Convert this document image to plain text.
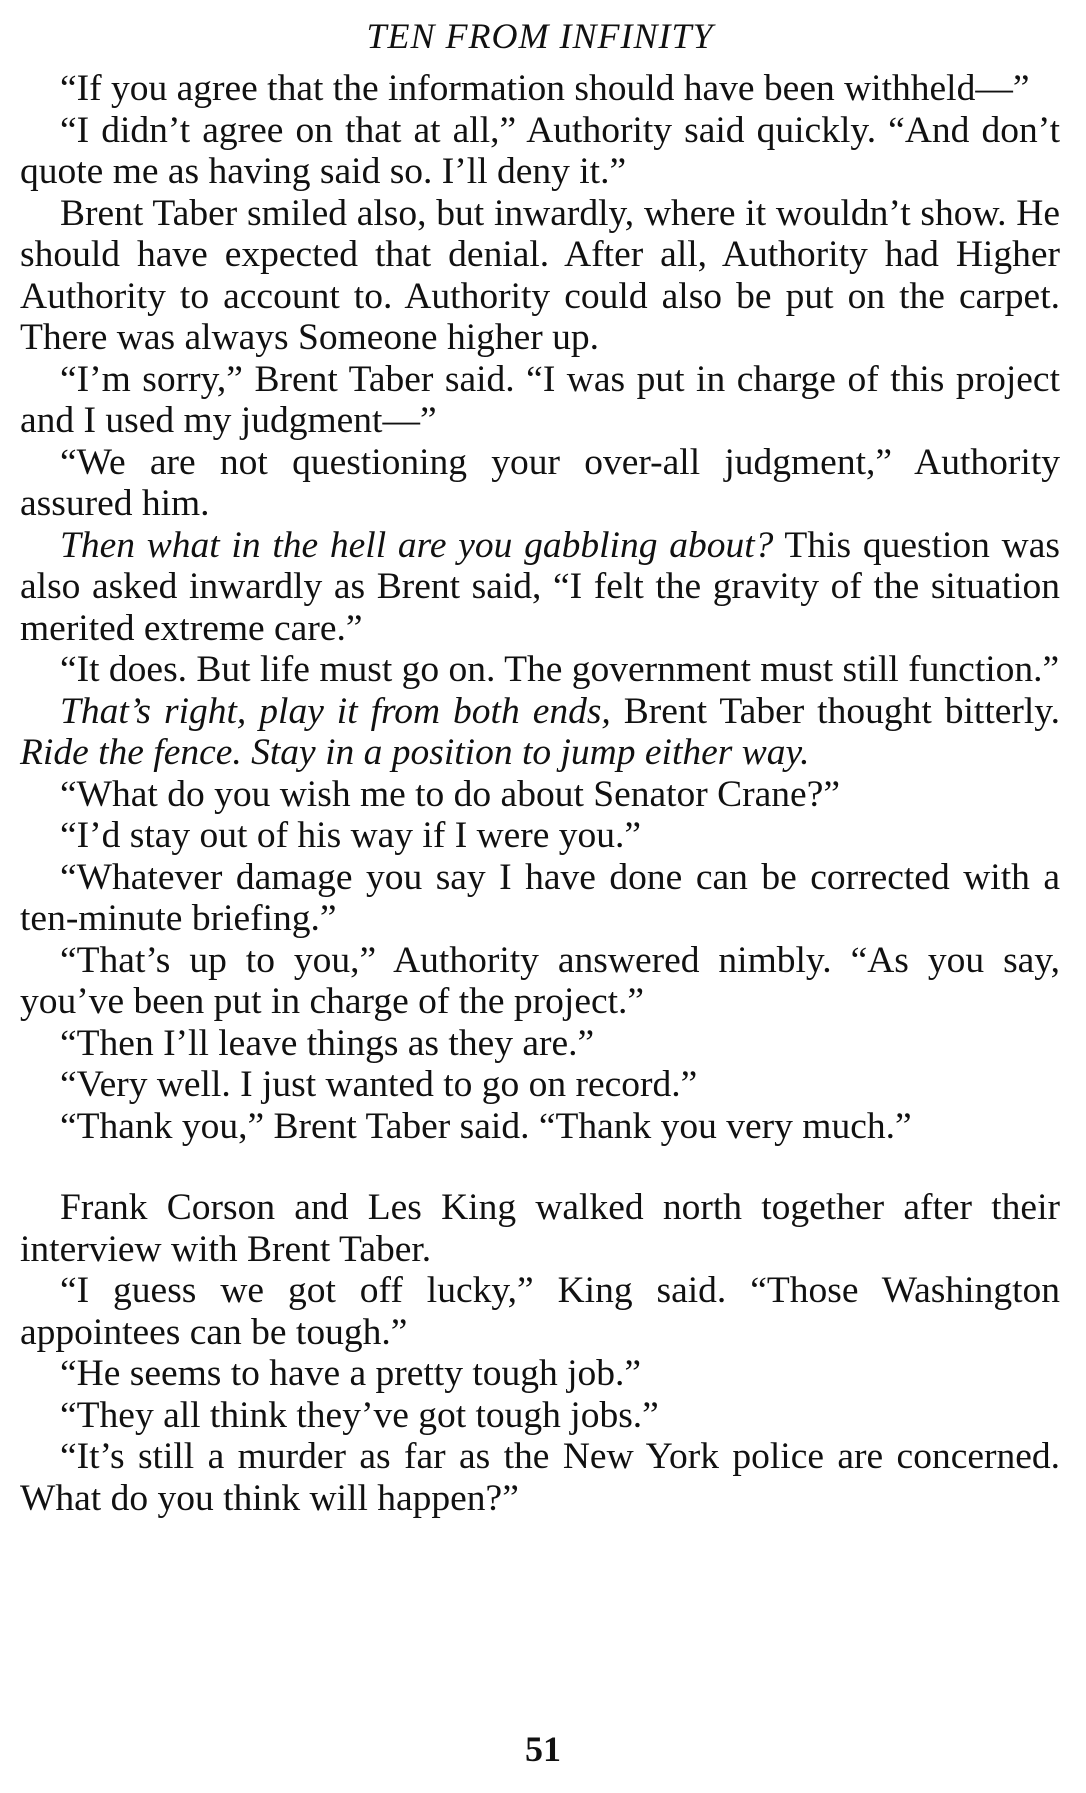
TEN FROM INFINITY

“If you agree that the information should have been withheld—”

“I didn’t agree on that at all,” Authority said quickly. “And don’t quote me as having said so. I’ll deny it.”

Brent Taber smiled also, but inwardly, where it wouldn’t show. He should have expected that denial. After all, Authority had Higher Authority to account to. Authority could also be put on the carpet. There was always Someone higher up.

“I’m sorry,” Brent Taber said. “I was put in charge of this project and I used my judgment—”

“We are not questioning your over-all judgment,” Authority assured him.

Then what in the hell are you gabbling about? This question was also asked inwardly as Brent said, “I felt the gravity of the situation merited extreme care.”

“It does. But life must go on. The government must still function.”

That’s right, play it from both ends, Brent Taber thought bitterly. Ride the fence. Stay in a position to jump either way.

“What do you wish me to do about Senator Crane?”

“I’d stay out of his way if I were you.”

“Whatever damage you say I have done can be corrected with a ten-minute briefing.”

“That’s up to you,” Authority answered nimbly. “As you say, you’ve been put in charge of the project.”

“Then I’ll leave things as they are.”

“Very well. I just wanted to go on record.”

“Thank you,” Brent Taber said. “Thank you very much.”

Frank Corson and Les King walked north together after their interview with Brent Taber.

“I guess we got off lucky,” King said. “Those Washington appointees can be tough.”

“He seems to have a pretty tough job.”

“They all think they’ve got tough jobs.”

“It’s still a murder as far as the New York police are concerned. What do you think will happen?”

51
